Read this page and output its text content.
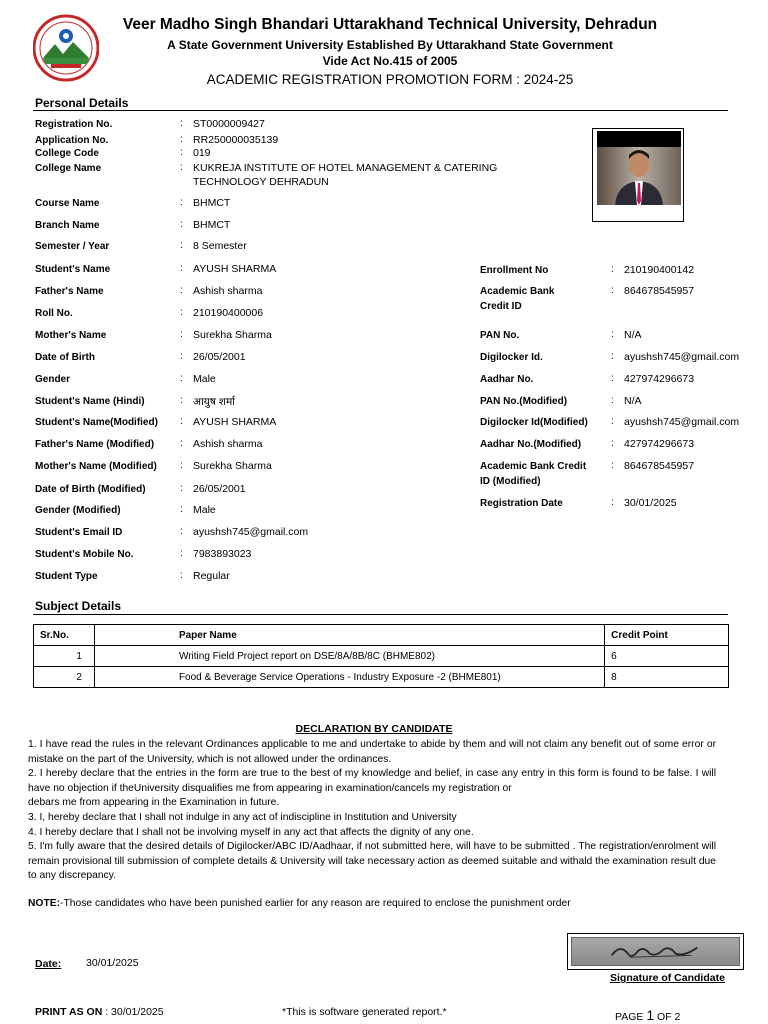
Veer Madho Singh Bhandari Uttarakhand Technical University, Dehradun
A State Government University Established By Uttarakhand State Government
Vide Act No.415 of 2005
ACADEMIC REGISTRATION PROMOTION FORM : 2024-25
Personal Details
Registration No.	: ST0000009427
Application No.	: RR250000035139
College Code	: 019
College Name	: KUKREJA INSTITUTE OF HOTEL MANAGEMENT & CATERING
TECHNOLOGY DEHRADUN
Course Name	: BHMCT
Branch Name	: BHMCT
Semester / Year	: 8 Semester
Student's Name	: AYUSH SHARMA
Father's Name	: Ashish sharma
Roll No.	: 210190400006
Mother's Name	: Surekha Sharma
Date of Birth	: 26/05/2001
Gender	: Male
Student's Name (Hindi)	: आयुष शर्मा
Student's Name(Modified) : AYUSH SHARMA
Father's Name (Modified)	: Ashish sharma
Mother's Name (Modified) : Surekha Sharma
Date of Birth (Modified)	: 26/05/2001
Gender (Modified)	: Male
Student's Email ID	: ayushsh745@gmail.com
Student's Mobile No.	: 7983893023
Student Type	: Regular
Enrollment No	: 210190400142
Academic Bank
Credit ID
: 864678545957
PAN No.	: N/A
Digilocker Id.	: ayushsh745@gmail.com
Aadhar No.	: 427974296673
PAN No.(Modified)	: N/A
Digilocker Id(Modified) : ayushsh745@gmail.com
Aadhar No.(Modified)	: 427974296673
Academic Bank Credit
ID (Modified)
: 864678545957
Registration Date	: 30/01/2025
Subject Details
Sr.No.	Paper Name	Credit Point
1	Writing Field Project report on DSE/8A/8B/8C (BHME802)	6
2	Food & Beverage Service Operations - Industry Exposure -2 (BHME801)	8
DECLARATION BY CANDIDATE

1. I have read the rules in the relevant Ordinances applicable to me and undertake to abide by them and will not claim any benefit out of some error or mistake on the part of the University, which is not allowed under the ordinances.

2. I hereby declare that the entries in the form are true to the best of my knowledge and belief, in case any entry in this form is found to be false. I will have no objection if theUniversity disqualifies me from appearing in examination/cancels my registration or

debars me from appearing in the Examination in future.

3. I, hereby declare that I shall not indulge in any act of indiscipline in Institution and University

4. I hereby declare that I shall not be involving myself in any act that affects the dignity of any one.

5. I'm fully aware that the desired details of Digilocker/ABC ID/Aadhaar, if not submitted here, will have to be submitted . The registration/enrolment will remain provisional till submission of complete details & University will take necessary action as deemed suitable and withald the examination result due to any discrepancy.

NOTE:-Those candidates who have been punished earlier for any reason are required to enclose the punishment order
Date: 30/01/2025
Signature of Candidate
PRINT AS ON : 30/01/2025	*This is software generated report.*	PAGE 1 OF 2
